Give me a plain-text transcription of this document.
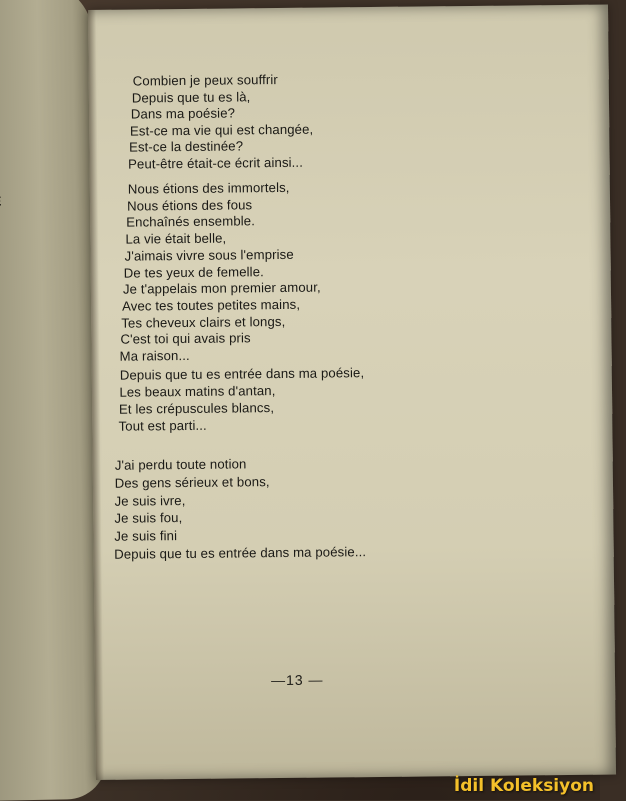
Combien je peux souffrir
Depuis que tu es là,
Dans ma poésie?
Est-ce ma vie qui est changée,
Est-ce la destinée?
Peut-être était-ce écrit ainsi...
Nous étions des immortels,
Nous étions des fous
Enchaînés ensemble.
La vie était belle,
J'aimais vivre sous l'emprise
De tes yeux de femelle.
Je t'appelais mon premier amour,
Avec tes toutes petites mains,
Tes cheveux clairs et longs,
C'est toi qui avais pris
Ma raison...
Depuis que tu es entrée dans ma poésie,
Les beaux matins d'antan,
Et les crépuscules blancs,
Tout est parti...
J'ai perdu toute notion
Des gens sérieux et bons,
Je suis ivre,
Je suis fou,
Je suis fini
Depuis que tu es entrée dans ma poésie...
—13 —
İdil Koleksiyon
